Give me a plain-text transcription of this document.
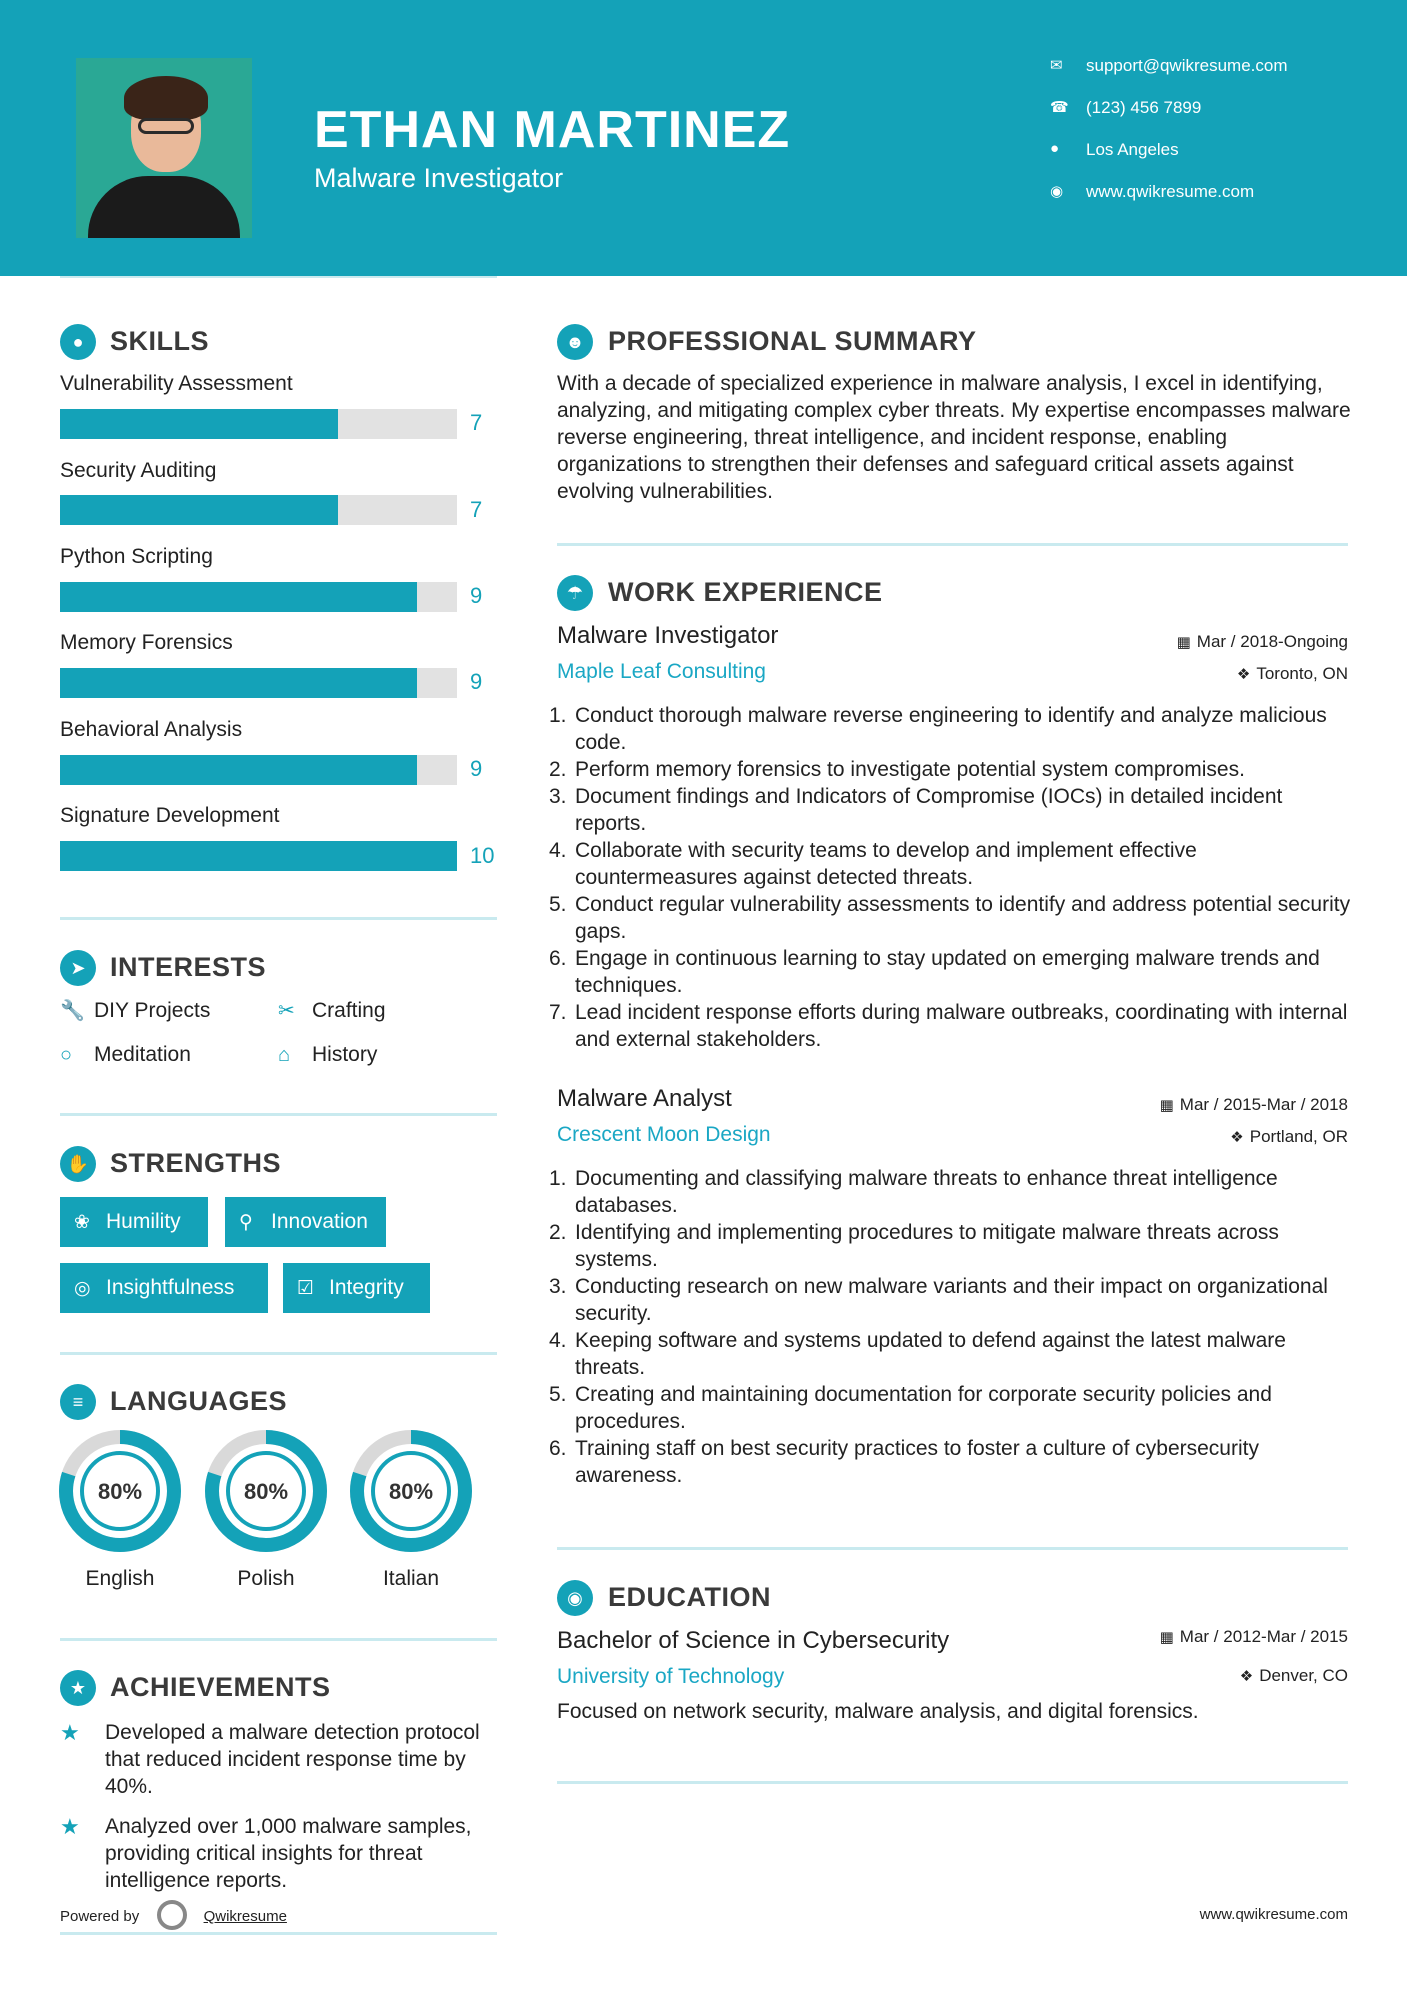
ETHAN MARTINEZ
Malware Investigator
✉	support@qwikresume.com
☎	(123) 456 7899
●	Los Angeles
◉	www.qwikresume.com
● SKILLS
Vulnerability Assessment
7
Security Auditing
7
Python Scripting
9
Memory Forensics
9
Behavioral Analysis
9
Signature Development
10
➤ INTERESTS
🔧 DIY Projects	✂ Crafting
○ Meditation	⌂ History
✋ STRENGTHS
❀ Humility	⚲ Innovation
◎ Insightfulness	☑ Integrity
≡ LANGUAGES
80%
English
80%
Polish
80%
Italian
★ ACHIEVEMENTS
★ Developed a malware detection protocol that reduced incident response time by 40%.
★ Analyzed over 1,000 malware samples, providing critical insights for threat intelligence reports.
Powered by	Qwikresume
☻ PROFESSIONAL SUMMARY
With a decade of specialized experience in malware analysis, I excel in identifying, analyzing, and mitigating complex cyber threats. My expertise encompasses malware reverse engineering, threat intelligence, and incident response, enabling organizations to strengthen their defenses and safeguard critical assets against evolving vulnerabilities.
☂ WORK EXPERIENCE
Malware Investigator	▦ Mar / 2018-Ongoing
Maple Leaf Consulting	❖ Toronto, ON
1. Conduct thorough malware reverse engineering to identify and analyze malicious code.
2. Perform memory forensics to investigate potential system compromises.
3. Document findings and Indicators of Compromise (IOCs) in detailed incident reports.
4. Collaborate with security teams to develop and implement effective countermeasures against detected threats.
5. Conduct regular vulnerability assessments to identify and address potential security gaps.
6. Engage in continuous learning to stay updated on emerging malware trends and techniques.
7. Lead incident response efforts during malware outbreaks, coordinating with internal and external stakeholders.
Malware Analyst	▦ Mar / 2015-Mar / 2018
Crescent Moon Design	❖ Portland, OR
1. Documenting and classifying malware threats to enhance threat intelligence databases.
2. Identifying and implementing procedures to mitigate malware threats across systems.
3. Conducting research on new malware variants and their impact on organizational security.
4. Keeping software and systems updated to defend against the latest malware threats.
5. Creating and maintaining documentation for corporate security policies and procedures.
6. Training staff on best security practices to foster a culture of cybersecurity awareness.
◉ EDUCATION
Bachelor of Science in Cybersecurity	▦ Mar / 2012-Mar / 2015
University of Technology	❖ Denver, CO
Focused on network security, malware analysis, and digital forensics.
www.qwikresume.com
